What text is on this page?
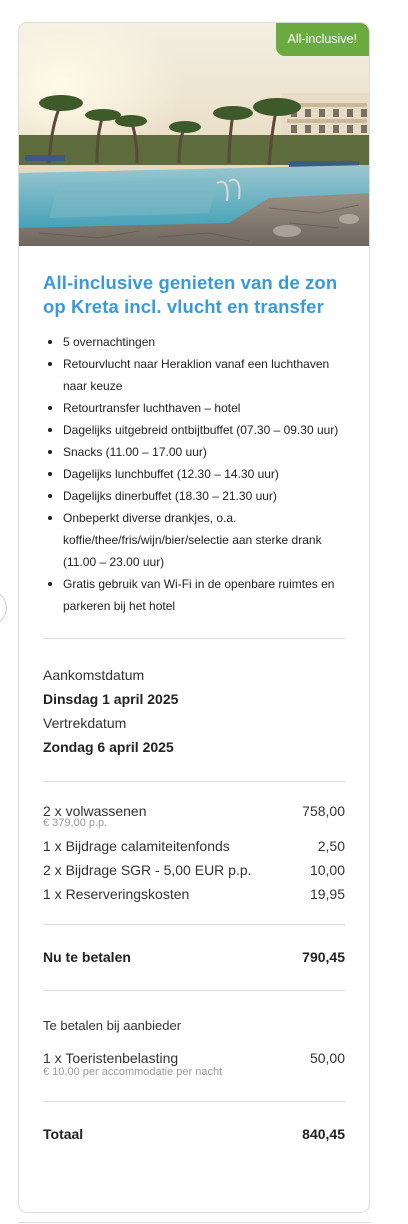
All-inclusive!
All-inclusive genieten van de zon op Kreta incl. vlucht en transfer
5 overnachtingen
Retourvlucht naar Heraklion vanaf een luchthaven naar keuze
Retourtransfer luchthaven – hotel
Dagelijks uitgebreid ontbijtbuffet (07.30 – 09.30 uur)
Snacks (11.00 – 17.00 uur)
Dagelijks lunchbuffet (12.30 – 14.30 uur)
Dagelijks dinerbuffet (18.30 – 21.30 uur)
Onbeperkt diverse drankjes, o.a. koffie/thee/fris/wijn/bier/selectie aan sterke drank (11.00 – 23.00 uur)
Gratis gebruik van Wi-Fi in de openbare ruimtes en parkeren bij het hotel
Aankomstdatum
Dinsdag 1 april 2025
Vertrekdatum
Zondag 6 april 2025
2 x volwassenen	758,00
€ 379,00 p.p.
1 x Bijdrage calamiteitenfonds	2,50
2 x Bijdrage SGR - 5,00 EUR p.p.	10,00
1 x Reserveringskosten	19,95
Nu te betalen	790,45
Te betalen bij aanbieder
1 x Toeristenbelasting	50,00
€ 10,00 per accommodatie per nacht
Totaal	840,45
